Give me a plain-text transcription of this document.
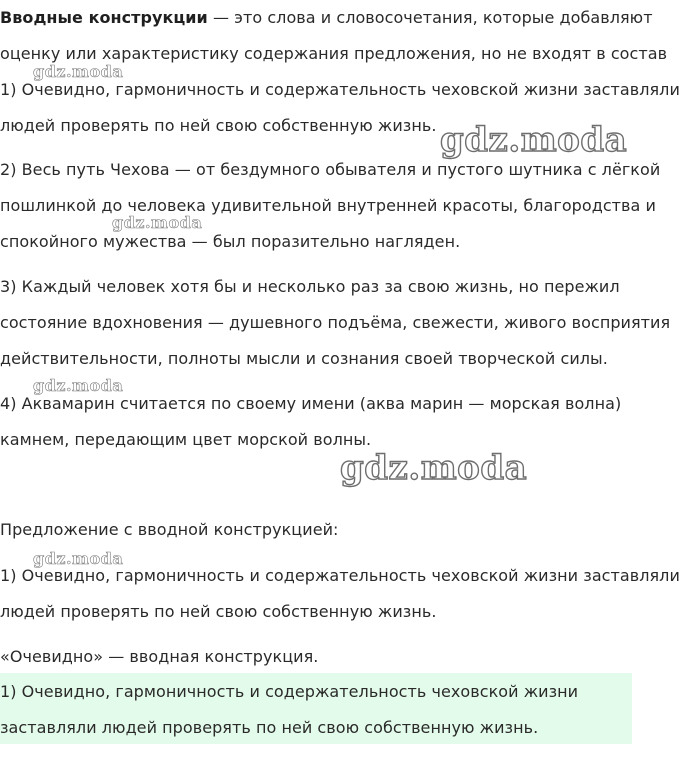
Вводные конструкции — это слова и словосочетания, которые добавляют
оценку или характеристику содержания предложения, но не входят в состав
1) Очевидно, гармоничность и содержательность чеховской жизни заставляли
людей проверять по ней свою собственную жизнь.
2) Весь путь Чехова — от бездумного обывателя и пустого шутника с лёгкой
пошлинкой до человека удивительной внутренней красоты, благородства и
спокойного мужества — был поразительно нагляден.
3) Каждый человек хотя бы и несколько раз за свою жизнь, но пережил
состояние вдохновения — душевного подъёма, свежести, живого восприятия
действительности, полноты мысли и сознания своей творческой силы.
4) Аквамарин считается по своему имени (аква марин — морская волна)
камнем, передающим цвет морской волны.
Предложение с вводной конструкцией:
1) Очевидно, гармоничность и содержательность чеховской жизни заставляли
людей проверять по ней свою собственную жизнь.
«Очевидно» — вводная конструкция.
1) Очевидно, гармоничность и содержательность чеховской жизни
заставляли людей проверять по ней свою собственную жизнь.
gdz.moda
gdz.moda
gdz.moda
gdz.moda
gdz.moda
gdz.moda
